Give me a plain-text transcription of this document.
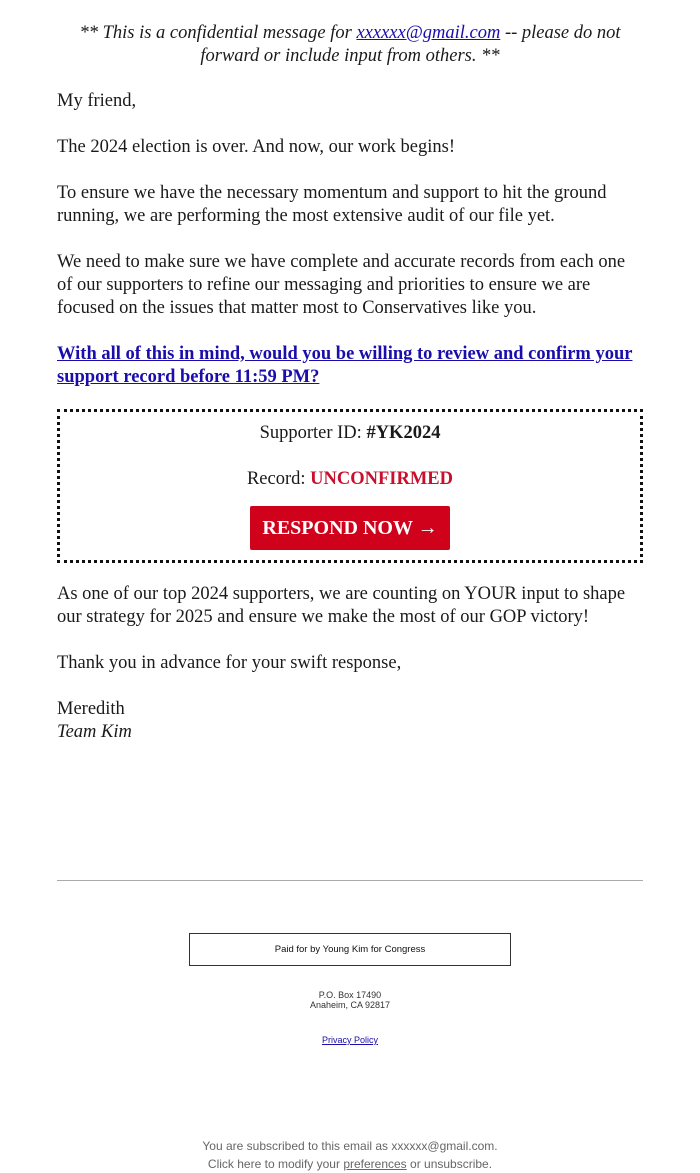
** This is a confidential message for xxxxxx@gmail.com -- please do not forward or include input from others. **

My friend,

The 2024 election is over. And now, our work begins!

To ensure we have the necessary momentum and support to hit the ground running, we are performing the most extensive audit of our file yet.

We need to make sure we have complete and accurate records from each one of our supporters to refine our messaging and priorities to ensure we are focused on the issues that matter most to Conservatives like you.

With all of this in mind, would you be willing to review and confirm your support record before 11:59 PM?
Supporter ID: #YK2024
Record: UNCONFIRMED
RESPOND NOW →

As one of our top 2024 supporters, we are counting on YOUR input to shape our strategy for 2025 and ensure we make the most of our GOP victory!

Thank you in advance for your swift response,

Meredith

Team Kim

Paid for by Young Kim for Congress
P.O. Box 17490
Anaheim, CA 92817
Privacy Policy
You are subscribed to this email as xxxxxx@gmail.com.
Click here to modify your preferences or unsubscribe.
